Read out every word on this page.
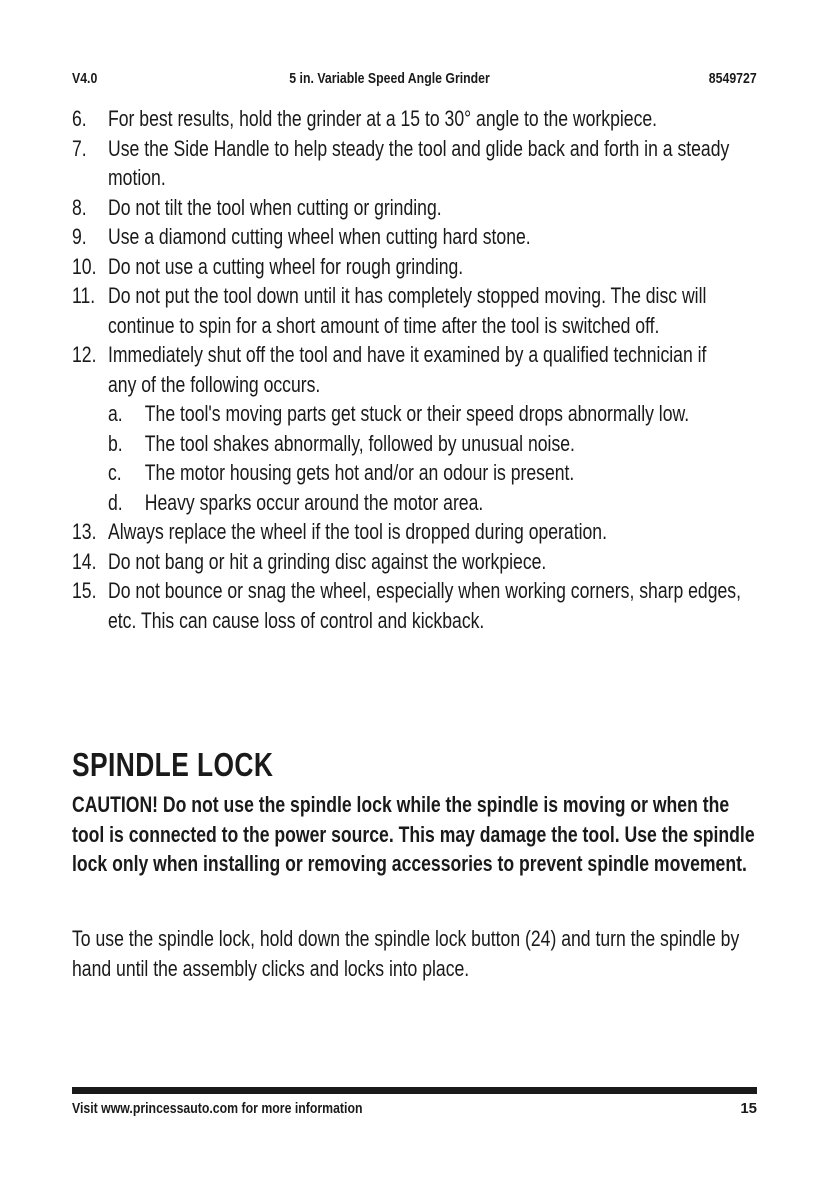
V4.0	5 in. Variable Speed Angle Grinder	8549727
6. For best results, hold the grinder at a 15 to 30° angle to the workpiece.
7. Use the Side Handle to help steady the tool and glide back and forth in a steady motion.
8. Do not tilt the tool when cutting or grinding.
9. Use a diamond cutting wheel when cutting hard stone.
10. Do not use a cutting wheel for rough grinding.
11. Do not put the tool down until it has completely stopped moving. The disc will continue to spin for a short amount of time after the tool is switched off.
12. Immediately shut off the tool and have it examined by a qualified technician if any of the following occurs.
a. The tool's moving parts get stuck or their speed drops abnormally low.
b. The tool shakes abnormally, followed by unusual noise.
c. The motor housing gets hot and/or an odour is present.
d. Heavy sparks occur around the motor area.
13. Always replace the wheel if the tool is dropped during operation.
14. Do not bang or hit a grinding disc against the workpiece.
15. Do not bounce or snag the wheel, especially when working corners, sharp edges, etc. This can cause loss of control and kickback.
SPINDLE LOCK

CAUTION! Do not use the spindle lock while the spindle is moving or when the tool is connected to the power source. This may damage the tool. Use the spindle lock only when installing or removing accessories to prevent spindle movement.

To use the spindle lock, hold down the spindle lock button (24) and turn the spindle by hand until the assembly clicks and locks into place.

Visit www.princessauto.com for more information	15
